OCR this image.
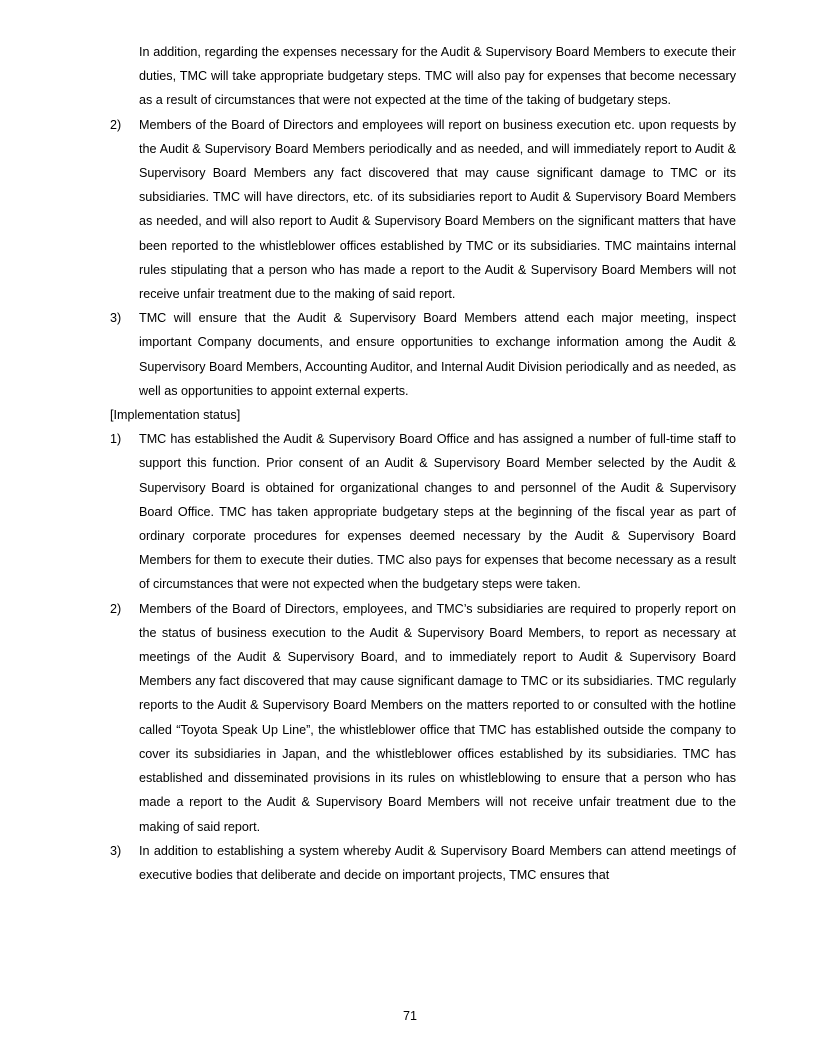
In addition, regarding the expenses necessary for the Audit & Supervisory Board Members to execute their duties, TMC will take appropriate budgetary steps. TMC will also pay for expenses that become necessary as a result of circumstances that were not expected at the time of the taking of budgetary steps.
2)	Members of the Board of Directors and employees will report on business execution etc. upon requests by the Audit & Supervisory Board Members periodically and as needed, and will immediately report to Audit & Supervisory Board Members any fact discovered that may cause significant damage to TMC or its subsidiaries. TMC will have directors, etc. of its subsidiaries report to Audit & Supervisory Board Members as needed, and will also report to Audit & Supervisory Board Members on the significant matters that have been reported to the whistleblower offices established by TMC or its subsidiaries. TMC maintains internal rules stipulating that a person who has made a report to the Audit & Supervisory Board Members will not receive unfair treatment due to the making of said report.
3)	TMC will ensure that the Audit & Supervisory Board Members attend each major meeting, inspect important Company documents, and ensure opportunities to exchange information among the Audit & Supervisory Board Members, Accounting Auditor, and Internal Audit Division periodically and as needed, as well as opportunities to appoint external experts.
[Implementation status]
1)	TMC has established the Audit & Supervisory Board Office and has assigned a number of full-time staff to support this function. Prior consent of an Audit & Supervisory Board Member selected by the Audit & Supervisory Board is obtained for organizational changes to and personnel of the Audit & Supervisory Board Office. TMC has taken appropriate budgetary steps at the beginning of the fiscal year as part of ordinary corporate procedures for expenses deemed necessary by the Audit & Supervisory Board Members for them to execute their duties. TMC also pays for expenses that become necessary as a result of circumstances that were not expected when the budgetary steps were taken.
2)	Members of the Board of Directors, employees, and TMC’s subsidiaries are required to properly report on the status of business execution to the Audit & Supervisory Board Members, to report as necessary at meetings of the Audit & Supervisory Board, and to immediately report to Audit & Supervisory Board Members any fact discovered that may cause significant damage to TMC or its subsidiaries. TMC regularly reports to the Audit & Supervisory Board Members on the matters reported to or consulted with the hotline called “Toyota Speak Up Line”, the whistleblower office that TMC has established outside the company to cover its subsidiaries in Japan, and the whistleblower offices established by its subsidiaries. TMC has established and disseminated provisions in its rules on whistleblowing to ensure that a person who has made a report to the Audit & Supervisory Board Members will not receive unfair treatment due to the making of said report.
3)	In addition to establishing a system whereby Audit & Supervisory Board Members can attend meetings of executive bodies that deliberate and decide on important projects, TMC ensures that
71
